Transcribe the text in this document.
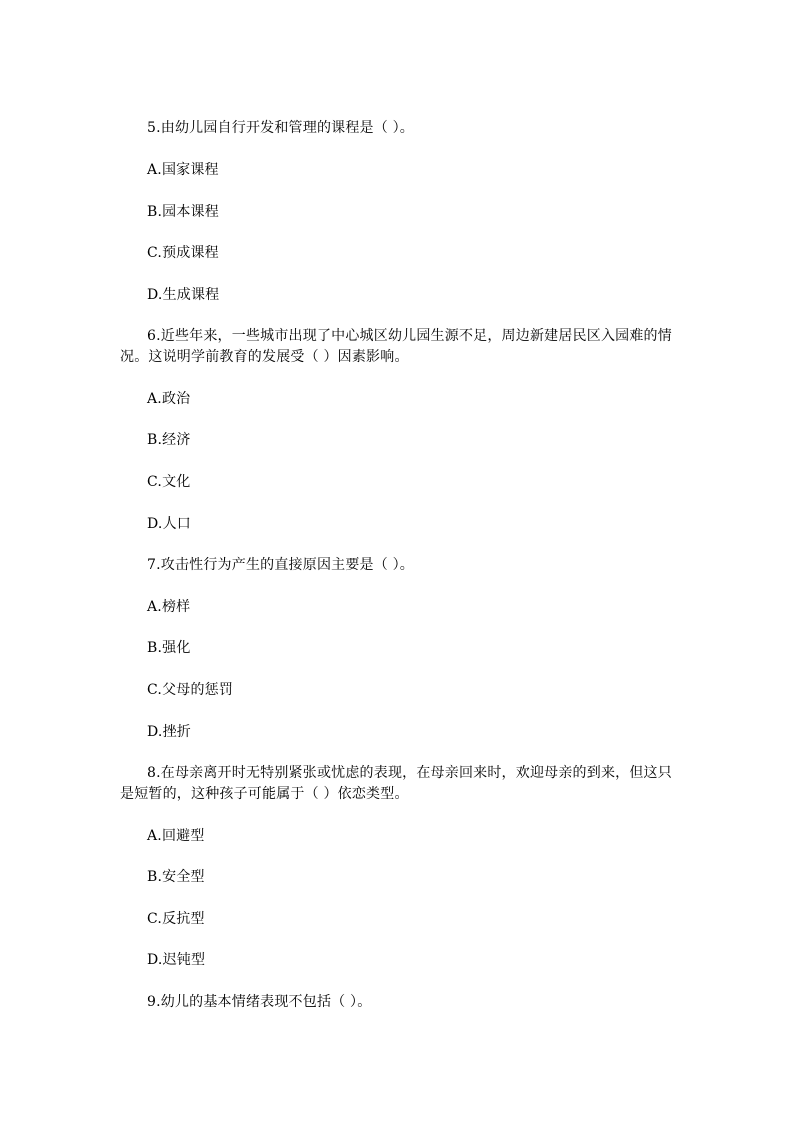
5.由幼儿园自行开发和管理的课程是（ ）。
A.国家课程
B.园本课程
C.预成课程
D.生成课程
6.近些年来，一些城市出现了中心城区幼儿园生源不足，周边新建居民区入园难的情
况。这说明学前教育的发展受（ ）因素影响。
A.政治
B.经济
C.文化
D.人口
7.攻击性行为产生的直接原因主要是（ ）。
A.榜样
B.强化
C.父母的惩罚
D.挫折
8.在母亲离开时无特别紧张或忧虑的表现，在母亲回来时，欢迎母亲的到来，但这只
是短暂的，这种孩子可能属于（ ）依恋类型。
A.回避型
B.安全型
C.反抗型
D.迟钝型
9.幼儿的基本情绪表现不包括（ ）。
